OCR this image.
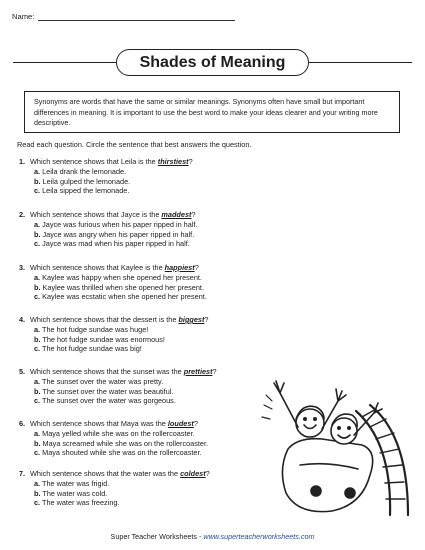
Name:
Shades of Meaning
Synonyms are words that have the same or similar meanings. Synonyms often have small but important differences in meaning. It is important to use the best word to make your ideas clearer and your writing more descriptive.
Read each question. Circle the sentence that best answers the question.
1. Which sentence shows that Leila is the thirstiest?
a. Leila drank the lemonade.
b. Leila gulped the lemonade.
c. Leila sipped the lemonade.
2. Which sentence shows that Jayce is the maddest?
a. Jayce was furious when his paper ripped in half.
b. Jayce was angry when his paper ripped in half.
c. Jayce was mad when his paper ripped in half.
3. Which sentence shows that Kaylee is the happiest?
a. Kaylee was happy when she opened her present.
b. Kaylee was thrilled when she opened her present.
c. Kaylee was ecstatic when she opened her present.
4. Which sentence shows that the dessert is the biggest?
a. The hot fudge sundae was huge!
b. The hot fudge sundae was enormous!
c. The hot fudge sundae was big!
5. Which sentence shows that the sunset was the prettiest?
a. The sunset over the water was pretty.
b. The sunset over the water was beautiful.
c. The sunset over the water was gorgeous.
6. Which sentence shows that Maya was the loudest?
a. Maya yelled while she was on the rollercoaster.
b. Maya screamed while she was on the rollercoaster.
c. Maya shouted while she was on the rollercoaster.
7. Which sentence shows that the water was the coldest?
a. The water was frigid.
b. The water was cold.
c. The water was freezing.
Super Teacher Worksheets - www.superteacherworksheets.com
